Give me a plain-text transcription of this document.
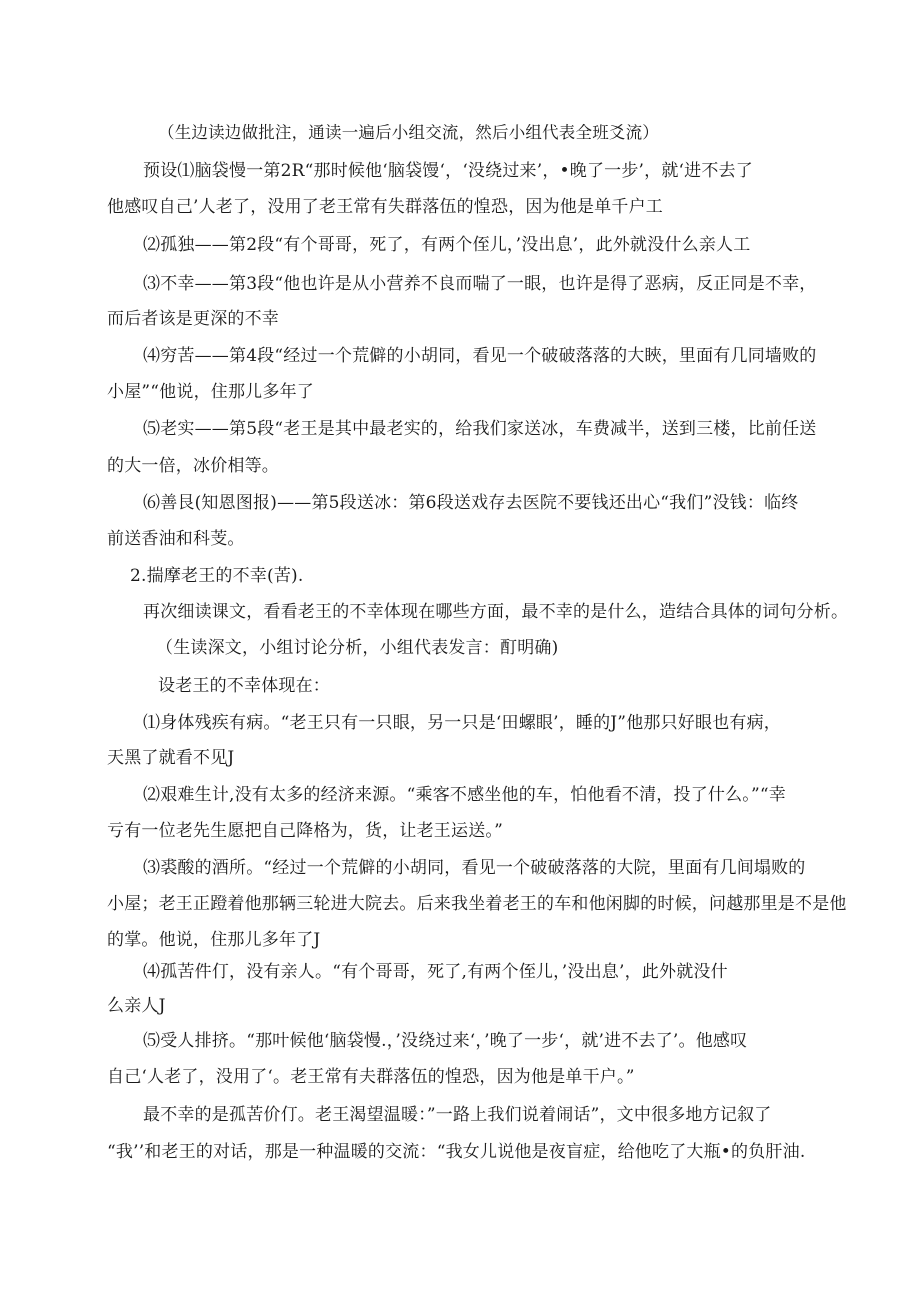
（生边读边做批注，通读一遍后小组交流，然后小组代表全班爻流）
预设⑴脑袋慢一第2R“那时候他‘脑袋馒‘，‘没绕过来’，•晚了一步’，就‘进不去了
他感叹自己’人老了，没用了老王常有失群落伍的惶恐，因为他是单千户工
⑵孤独——第2段“有个哥哥，死了，有两个侄儿，’没出息’，此外就没什么亲人工
⑶不幸——第3段“他也许是从小营养不良而喘了一眼，也许是得了恶病，反正同是不幸，
而后者该是更深的不幸
⑷穷苦——第4段“经过一个荒僻的小胡同，看见一个破破落落的大䀹，里面有几同墙败的
小屋”“他说，住那儿多年了
⑸老实——第5段“老王是其中最老实的，给我们家送冰，车费减半，送到三楼，比前任送
的大一倍，冰价相等。
⑹善艮(知恩图报)——第5段送冰：第6段送戏存去医院不要钱还出心“我们”没钱：临终
前送香油和科芰。
2.揣摩老王的不幸(苦).
再次细读课文，看看老王的不幸体现在哪些方面，最不幸的是什么，造结合具体的词句分析。
（生读深文，小组讨论分析，小组代表发言：酊明确)
设老王的不幸体现在：
⑴身体残疾有病。“老王只有一只眼，另一只是‘田螺眼’，睡的J”他那只好眼也有病，
天黑了就看不见J
⑵艰难生计,没有太多的经济来源。“乘客不感坐他的车，怕他看不清，投了什么。”“幸
亏有一位老先生愿把自己降格为，货，让老王运送。”
⑶裘酸的酒所。“经过一个荒僻的小胡同，看见一个破破落落的大院，里面有几间塌败的
小屋；老王正蹬着他那辆三轮进大院去。后来我坐着老王的车和他闲脚的时候，问越那里是不是他
的掌。他说，住那儿多年了J
⑷孤苦件仃，没有亲人。“有个哥哥，死了,有两个侄儿，’没出息’，此外就没什
么亲人J
⑸受人排挤。“那叶候他‘脑袋慢.，’没绕过来‘，’晚了一步‘，就’进不去了’。他感叹
自己‘人老了，没用了‘。老王常有夫群落伍的惶恐，因为他是单干户。”
最不幸的是孤苦价仃。老王渴望温暖：”一路上我们说着闹话”，文中很多地方记叙了
“我’’和老王的对话，那是一种温暖的交流：“我女儿说他是夜盲症，给他吃了大瓶•的负肝油.
